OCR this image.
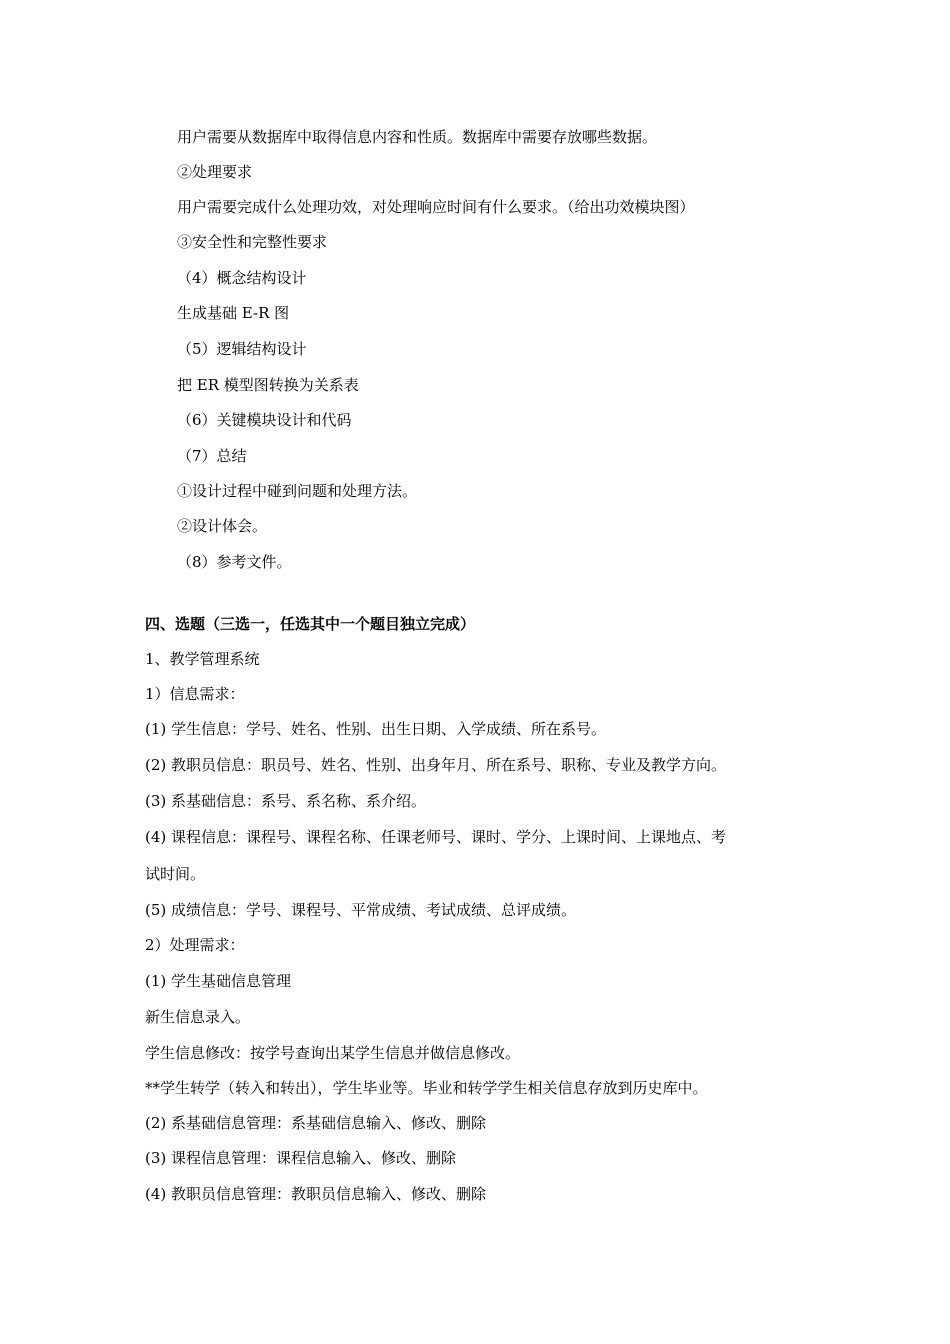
用户需要从数据库中取得信息内容和性质。数据库中需要存放哪些数据。
②处理要求
用户需要完成什么处理功效，对处理响应时间有什么要求。（给出功效模块图）
③安全性和完整性要求
（4）概念结构设计
生成基础 E-R 图
（5）逻辑结构设计
把 ER 模型图转换为关系表
（6）关键模块设计和代码
（7）总结
①设计过程中碰到问题和处理方法。
②设计体会。
（8）参考文件。
四、选题（三选一，任选其中一个题目独立完成）
1、教学管理系统
1）信息需求：
(1) 学生信息：学号、姓名、性别、出生日期、入学成绩、所在系号。
(2) 教职员信息：职员号、姓名、性别、出身年月、所在系号、职称、专业及教学方向。
(3) 系基础信息：系号、系名称、系介绍。
(4) 课程信息：课程号、课程名称、任课老师号、课时、学分、上课时间、上课地点、考
试时间。
(5) 成绩信息：学号、课程号、平常成绩、考试成绩、总评成绩。
2）处理需求：
(1) 学生基础信息管理
新生信息录入。
学生信息修改：按学号查询出某学生信息并做信息修改。
**学生转学（转入和转出），学生毕业等。毕业和转学学生相关信息存放到历史库中。
(2) 系基础信息管理：系基础信息输入、修改、删除
(3) 课程信息管理：课程信息输入、修改、删除
(4) 教职员信息管理：教职员信息输入、修改、删除
